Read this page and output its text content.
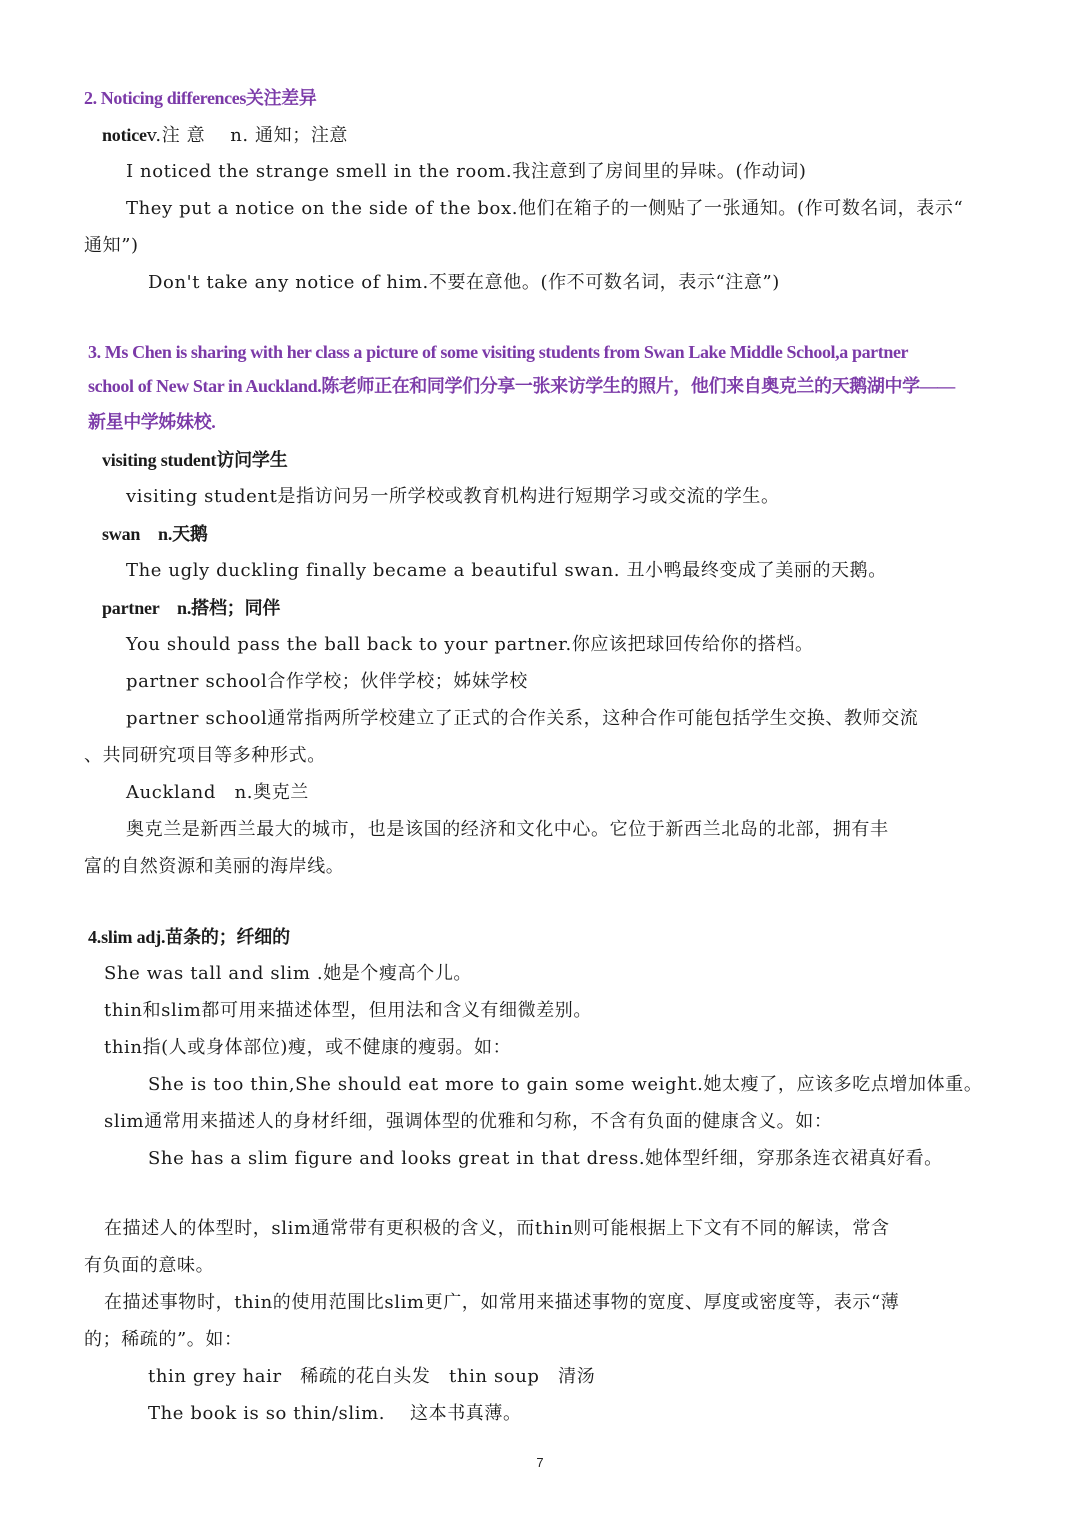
2. Noticing differences关注差异
noticev.注 意　 n. 通知；注意
I noticed the strange smell in the room.我注意到了房间里的异味。(作动词)
They put a notice on the side of the box.他们在箱子的一侧贴了一张通知。(作可数名词，表示“
通知”)
Don't take any notice of him.不要在意他。(作不可数名词，表示“注意”)
3. Ms Chen is sharing with her class a picture of some visiting students from Swan Lake Middle School,a partner
school of New Star in Auckland.陈老师正在和同学们分享一张来访学生的照片，他们来自奥克兰的天鹅湖中学——
新星中学姊妹校.
visiting student访问学生
visiting student是指访问另一所学校或教育机构进行短期学习或交流的学生。
swan　n.天鹅
The ugly duckling finally became a beautiful swan. 丑小鸭最终变成了美丽的天鹅。
partner　n.搭档；同伴
You should pass the ball back to your partner.你应该把球回传给你的搭档。
partner school合作学校；伙伴学校；姊妹学校
partner school通常指两所学校建立了正式的合作关系，这种合作可能包括学生交换、教师交流
、共同研究项目等多种形式。
Auckland　n.奥克兰
奥克兰是新西兰最大的城市，也是该国的经济和文化中心。它位于新西兰北岛的北部，拥有丰
富的自然资源和美丽的海岸线。
4.slim adj.苗条的；纤细的
She was tall and slim .她是个瘦高个儿。
thin和slim都可用来描述体型，但用法和含义有细微差别。
thin指(人或身体部位)瘦，或不健康的瘦弱。如：
She is too thin,She should eat more to gain some weight.她太瘦了，应该多吃点增加体重。
slim通常用来描述人的身材纤细，强调体型的优雅和匀称，不含有负面的健康含义。如：
She has a slim figure and looks great in that dress.她体型纤细，穿那条连衣裙真好看。
在描述人的体型时，slim通常带有更积极的含义，而thin则可能根据上下文有不同的解读，常含
有负面的意味。
在描述事物时，thin的使用范围比slim更广，如常用来描述事物的宽度、厚度或密度等，表示“薄
的；稀疏的”。如：
thin grey hair　稀疏的花白头发　thin soup　清汤
The book is so thin/slim.　 这本书真薄。
7
